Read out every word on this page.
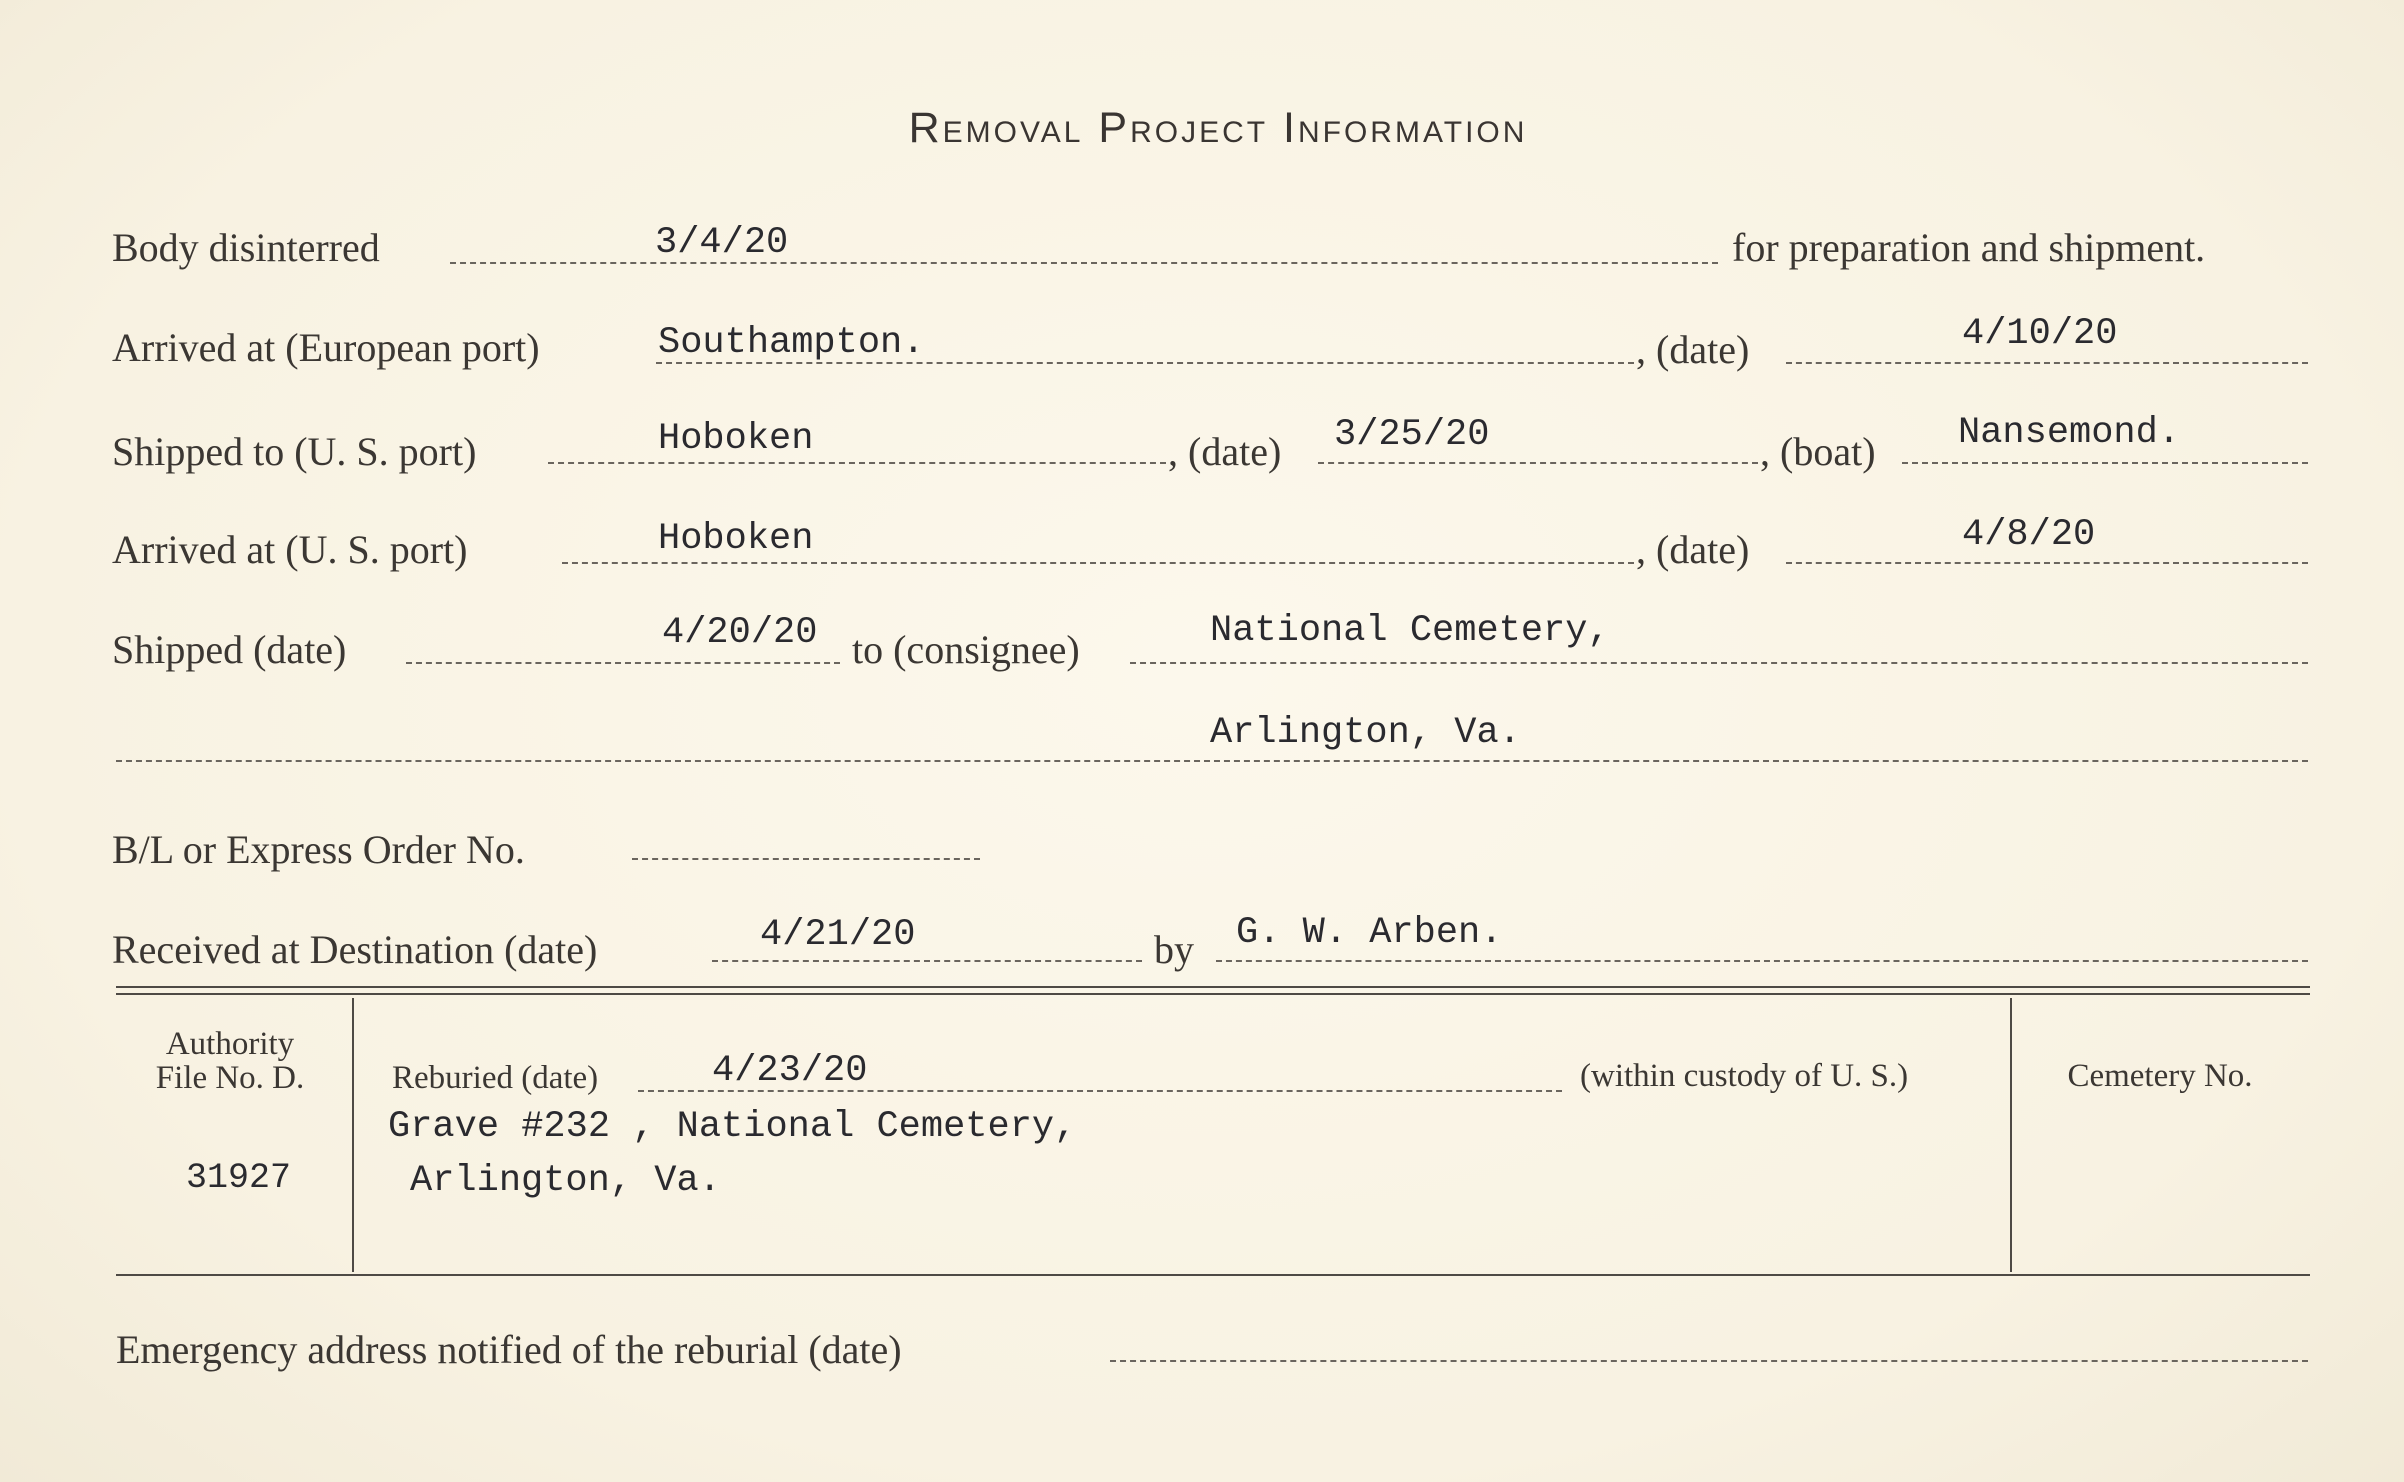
Removal Project Information
Body disinterred	3/4/20	for preparation and shipment.
Arrived at (European port)	Southampton.	, (date)	4/10/20
Shipped to (U. S. port)	Hoboken	, (date) 3/25/20	, (boat) Nansemond.
Arrived at (U. S. port)	Hoboken	, (date)	4/8/20
Shipped (date)	4/20/20 to (consignee)	National Cemetery,
Arlington, Va.
B/L or Express Order No.
Received at Destination (date)	4/21/20	by G. W. Arben.
Authority
File No. D.
31927
Reburied (date)	4/23/20	(within custody of U. S.)
Grave #232 , National Cemetery,
Arlington, Va.
Cemetery No.
Emergency address notified of the reburial (date)
